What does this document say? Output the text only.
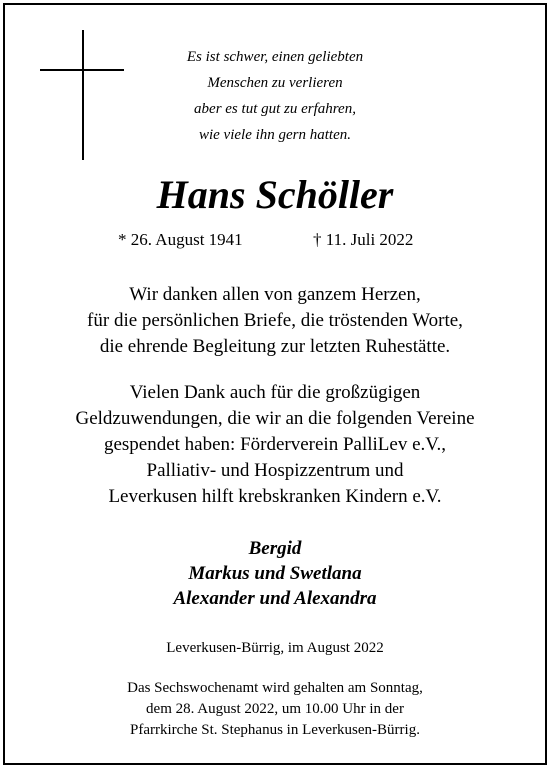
Es ist schwer, einen geliebten
Menschen zu verlieren
aber es tut gut zu erfahren,
wie viele ihn gern hatten.
Hans Schöller
* 26. August 1941	† 11. Juli 2022
Wir danken allen von ganzem Herzen,
für die persönlichen Briefe, die tröstenden Worte,
die ehrende Begleitung zur letzten Ruhestätte.
Vielen Dank auch für die großzügigen
Geldzuwendungen, die wir an die folgenden Vereine
gespendet haben: Förderverein PalliLev e.V.,
Palliativ- und Hospizzentrum und
Leverkusen hilft krebskranken Kindern e.V.
Bergid
Markus und Swetlana
Alexander und Alexandra
Leverkusen-Bürrig, im August 2022
Das Sechswochenamt wird gehalten am Sonntag,
dem 28. August 2022, um 10.00 Uhr in der
Pfarrkirche St. Stephanus in Leverkusen-Bürrig.
